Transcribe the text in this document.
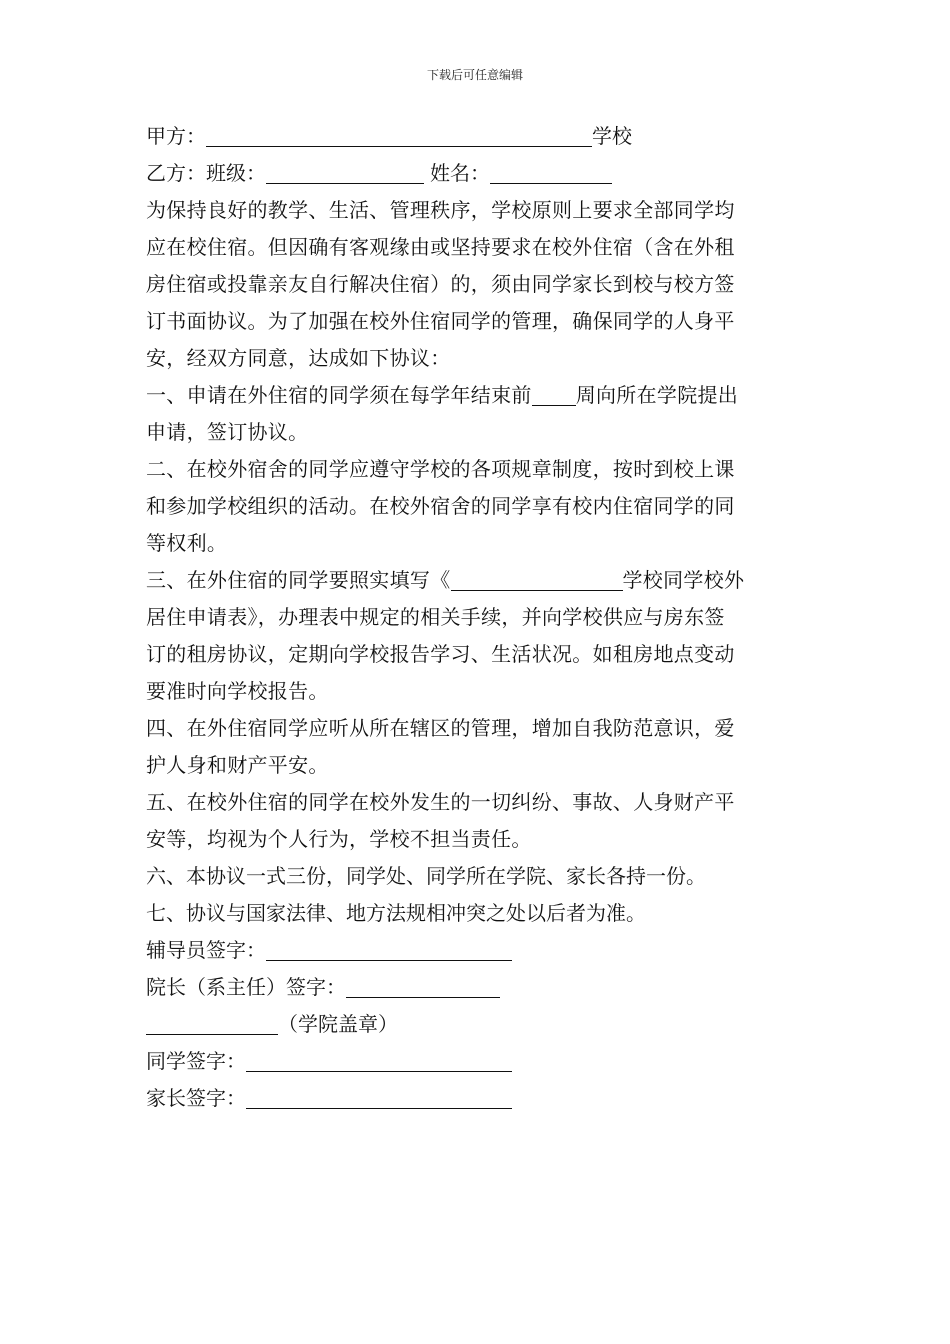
下载后可任意编辑
甲方：	学校
乙方：班级：	姓名：
为保持良好的教学、生活、管理秩序，学校原则上要求全部同学均
应在校住宿。但因确有客观缘由或坚持要求在校外住宿（含在外租
房住宿或投靠亲友自行解决住宿）的，须由同学家长到校与校方签
订书面协议。为了加强在校外住宿同学的管理，确保同学的人身平
安，经双方同意，达成如下协议：
一、申请在外住宿的同学须在每学年结束前 周向所在学院提出
申请，签订协议。
二、在校外宿舍的同学应遵守学校的各项规章制度，按时到校上课
和参加学校组织的活动。在校外宿舍的同学享有校内住宿同学的同
等权利。
三、在外住宿的同学要照实填写《	学校同学校外
居住申请表》，办理表中规定的相关手续，并向学校供应与房东签
订的租房协议，定期向学校报告学习、生活状况。如租房地点变动
要准时向学校报告。
四、在外住宿同学应听从所在辖区的管理，增加自我防范意识，爱
护人身和财产平安。
五、在校外住宿的同学在校外发生的一切纠纷、事故、人身财产平
安等，均视为个人行为，学校不担当责任。
六、本协议一式三份，同学处、同学所在学院、家长各持一份。
七、协议与国家法律、地方法规相冲突之处以后者为准。
辅导员签字：
院长（系主任）签字：
（学院盖章）
同学签字：
家长签字：
